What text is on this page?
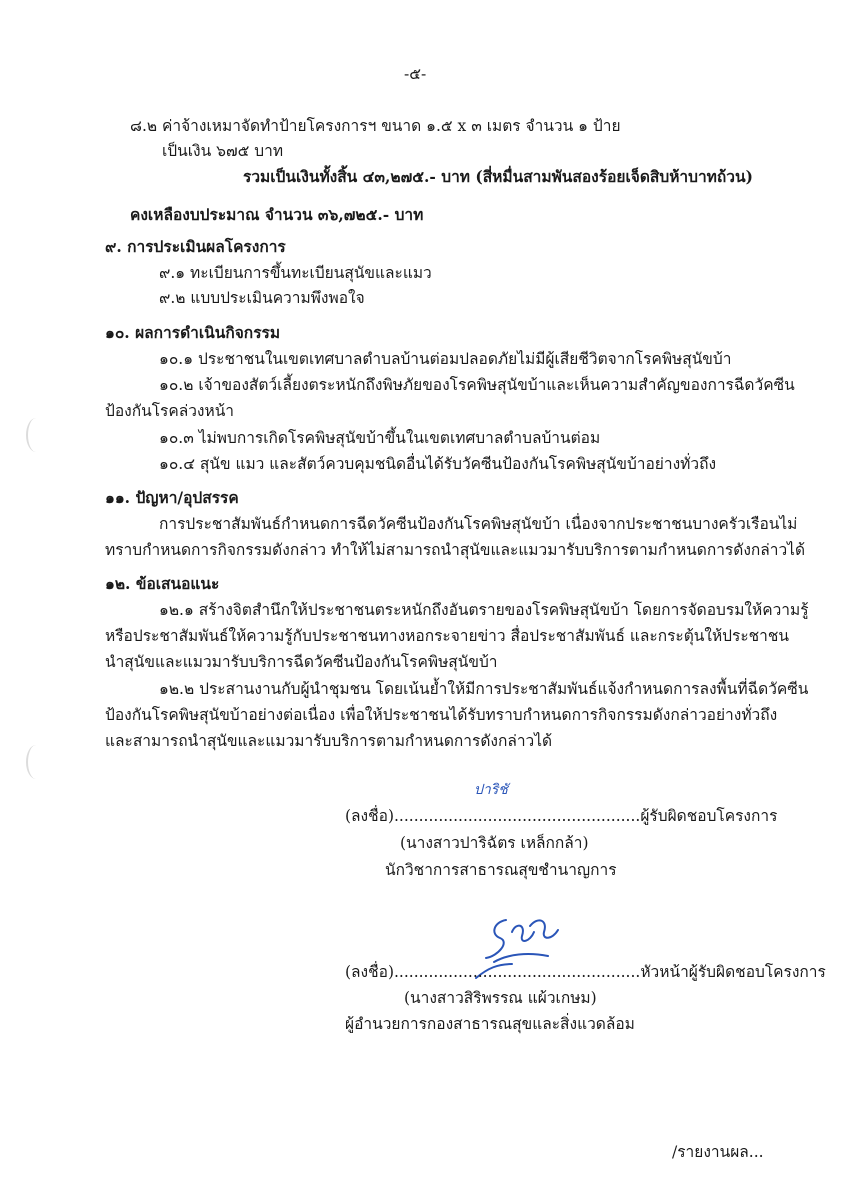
-๕-
๘.๒ ค่าจ้างเหมาจัดทำป้ายโครงการฯ ขนาด ๑.๕ x ๓ เมตร จำนวน ๑ ป้าย
เป็นเงิน ๖๗๕ บาท
รวมเป็นเงินทั้งสิ้น ๔๓,๒๗๕.- บาท (สี่หมื่นสามพันสองร้อยเจ็ดสิบห้าบาทถ้วน)
คงเหลืองบประมาณ จำนวน ๓๖,๗๒๕.- บาท
๙. การประเมินผลโครงการ
๙.๑ ทะเบียนการขึ้นทะเบียนสุนัขและแมว
๙.๒ แบบประเมินความพึงพอใจ
๑๐. ผลการดำเนินกิจกรรม
๑๐.๑ ประชาชนในเขตเทศบาลตำบลบ้านต่อมปลอดภัยไม่มีผู้เสียชีวิตจากโรคพิษสุนัขบ้า
๑๐.๒ เจ้าของสัตว์เลี้ยงตระหนักถึงพิษภัยของโรคพิษสุนัขบ้าและเห็นความสำคัญของการฉีดวัคซีน
ป้องกันโรคล่วงหน้า
๑๐.๓ ไม่พบการเกิดโรคพิษสุนัขบ้าขึ้นในเขตเทศบาลตำบลบ้านต่อม
๑๐.๔ สุนัข แมว และสัตว์ควบคุมชนิดอื่นได้รับวัคซีนป้องกันโรคพิษสุนัขบ้าอย่างทั่วถึง
๑๑. ปัญหา/อุปสรรค
การประชาสัมพันธ์กำหนดการฉีดวัคซีนป้องกันโรคพิษสุนัขบ้า เนื่องจากประชาชนบางครัวเรือนไม่
ทราบกำหนดการกิจกรรมดังกล่าว ทำให้ไม่สามารถนำสุนัขและแมวมารับบริการตามกำหนดการดังกล่าวได้
๑๒. ข้อเสนอแนะ
๑๒.๑ สร้างจิตสำนึกให้ประชาชนตระหนักถึงอันตรายของโรคพิษสุนัขบ้า โดยการจัดอบรมให้ความรู้
หรือประชาสัมพันธ์ให้ความรู้กับประชาชนทางหอกระจายข่าว สื่อประชาสัมพันธ์ และกระตุ้นให้ประชาชน
นำสุนัขและแมวมารับบริการฉีดวัคซีนป้องกันโรคพิษสุนัขบ้า
๑๒.๒ ประสานงานกับผู้นำชุมชน โดยเน้นย้ำให้มีการประชาสัมพันธ์แจ้งกำหนดการลงพื้นที่ฉีดวัคซีน
ป้องกันโรคพิษสุนัขบ้าอย่างต่อเนื่อง เพื่อให้ประชาชนได้รับทราบกำหนดการกิจกรรมดังกล่าวอย่างทั่วถึง
และสามารถนำสุนัขและแมวมารับบริการตามกำหนดการดังกล่าวได้
ปาริชั
(ลงชื่อ)..................................................ผู้รับผิดชอบโครงการ
(นางสาวปาริฉัตร เหล็กกล้า)
นักวิชาการสาธารณสุขชำนาญการ
(ลงชื่อ)..................................................หัวหน้าผู้รับผิดชอบโครงการ
(นางสาวสิริพรรณ แผ้วเกษม)
ผู้อำนวยการกองสาธารณสุขและสิ่งแวดล้อม
/รายงานผล...
